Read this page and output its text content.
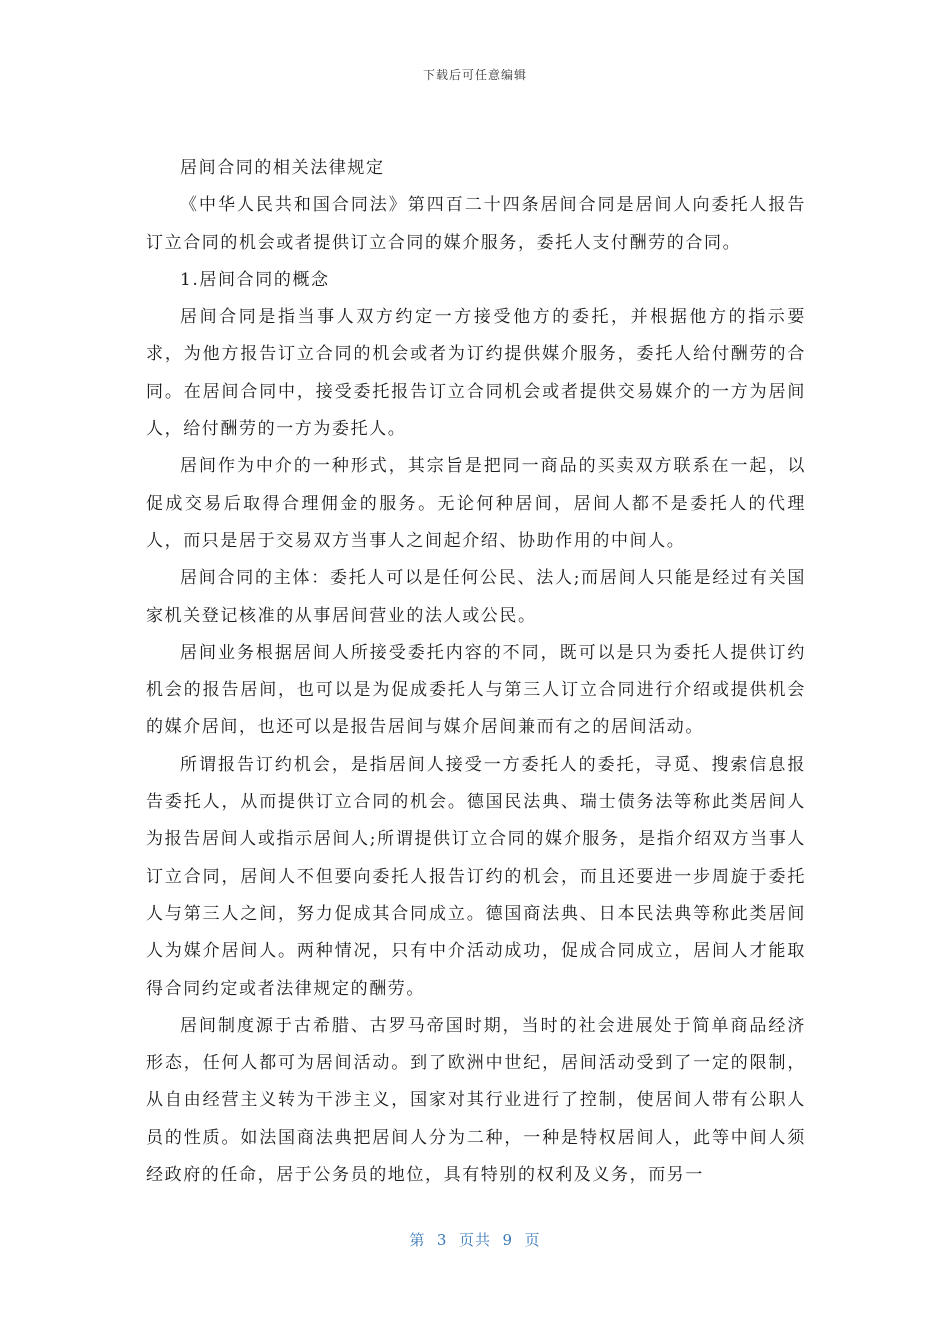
下载后可任意编辑

居间合同的相关法律规定

《中华人民共和国合同法》第四百二十四条居间合同是居间人向委托人报告订立合同的机会或者提供订立合同的媒介服务，委托人支付酬劳的合同。

1.居间合同的概念

居间合同是指当事人双方约定一方接受他方的委托，并根据他方的指示要求，为他方报告订立合同的机会或者为订约提供媒介服务，委托人给付酬劳的合同。在居间合同中，接受委托报告订立合同机会或者提供交易媒介的一方为居间人，给付酬劳的一方为委托人。

居间作为中介的一种形式，其宗旨是把同一商品的买卖双方联系在一起，以促成交易后取得合理佣金的服务。无论何种居间，居间人都不是委托人的代理人，而只是居于交易双方当事人之间起介绍、协助作用的中间人。

居间合同的主体：委托人可以是任何公民、法人;而居间人只能是经过有关国家机关登记核准的从事居间营业的法人或公民。

居间业务根据居间人所接受委托内容的不同，既可以是只为委托人提供订约机会的报告居间，也可以是为促成委托人与第三人订立合同进行介绍或提供机会的媒介居间，也还可以是报告居间与媒介居间兼而有之的居间活动。

所谓报告订约机会，是指居间人接受一方委托人的委托，寻觅、搜索信息报告委托人，从而提供订立合同的机会。德国民法典、瑞士债务法等称此类居间人为报告居间人或指示居间人;所谓提供订立合同的媒介服务，是指介绍双方当事人订立合同，居间人不但要向委托人报告订约的机会，而且还要进一步周旋于委托人与第三人之间，努力促成其合同成立。德国商法典、日本民法典等称此类居间人为媒介居间人。两种情况，只有中介活动成功，促成合同成立，居间人才能取得合同约定或者法律规定的酬劳。

居间制度源于古希腊、古罗马帝国时期，当时的社会进展处于简单商品经济形态，任何人都可为居间活动。到了欧洲中世纪，居间活动受到了一定的限制，从自由经营主义转为干涉主义，国家对其行业进行了控制，使居间人带有公职人员的性质。如法国商法典把居间人分为二种，一种是特权居间人，此等中间人须经政府的任命，居于公务员的地位，具有特别的权利及义务，而另一

第  3  页共  9  页
